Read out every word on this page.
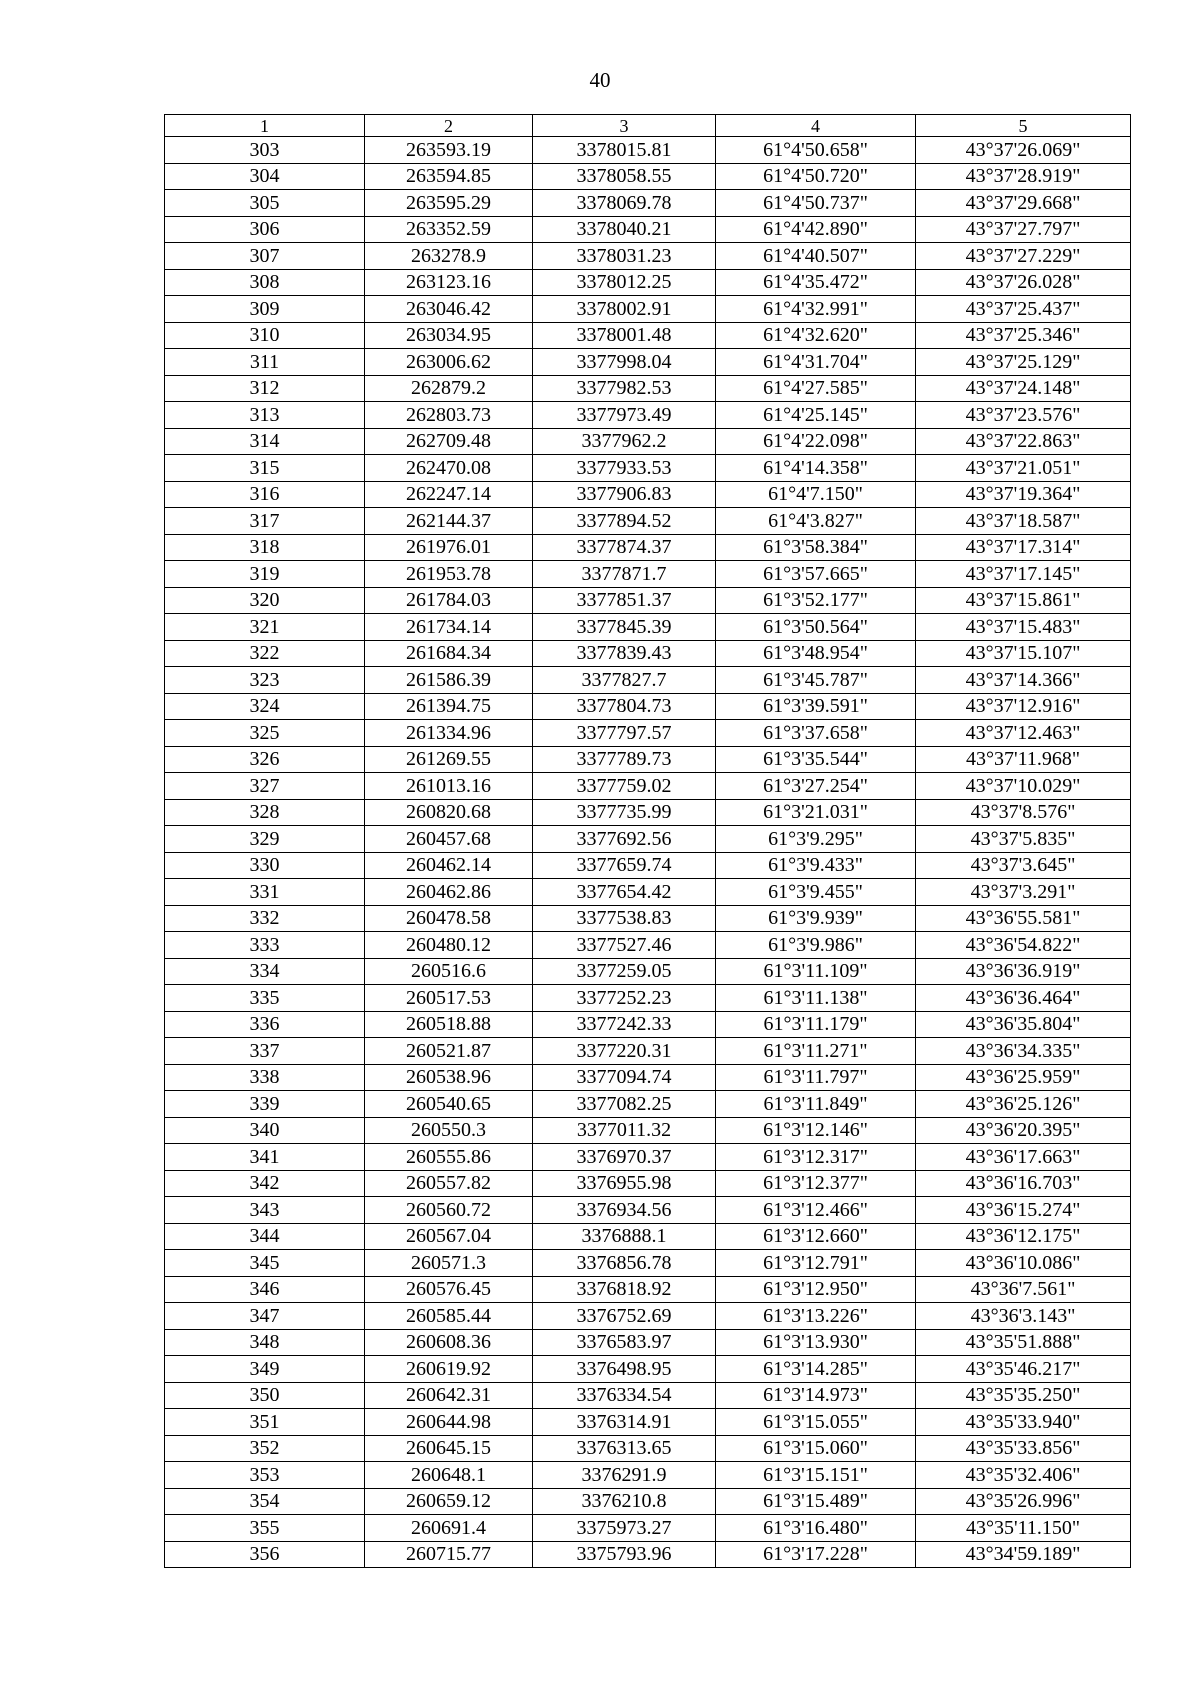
40
1	2	3	4	5
303	263593.19	3378015.81	61°4'50.658"	43°37'26.069"
304	263594.85	3378058.55	61°4'50.720"	43°37'28.919"
305	263595.29	3378069.78	61°4'50.737"	43°37'29.668"
306	263352.59	3378040.21	61°4'42.890"	43°37'27.797"
307	263278.9	3378031.23	61°4'40.507"	43°37'27.229"
308	263123.16	3378012.25	61°4'35.472"	43°37'26.028"
309	263046.42	3378002.91	61°4'32.991"	43°37'25.437"
310	263034.95	3378001.48	61°4'32.620"	43°37'25.346"
311	263006.62	3377998.04	61°4'31.704"	43°37'25.129"
312	262879.2	3377982.53	61°4'27.585"	43°37'24.148"
313	262803.73	3377973.49	61°4'25.145"	43°37'23.576"
314	262709.48	3377962.2	61°4'22.098"	43°37'22.863"
315	262470.08	3377933.53	61°4'14.358"	43°37'21.051"
316	262247.14	3377906.83	61°4'7.150"	43°37'19.364"
317	262144.37	3377894.52	61°4'3.827"	43°37'18.587"
318	261976.01	3377874.37	61°3'58.384"	43°37'17.314"
319	261953.78	3377871.7	61°3'57.665"	43°37'17.145"
320	261784.03	3377851.37	61°3'52.177"	43°37'15.861"
321	261734.14	3377845.39	61°3'50.564"	43°37'15.483"
322	261684.34	3377839.43	61°3'48.954"	43°37'15.107"
323	261586.39	3377827.7	61°3'45.787"	43°37'14.366"
324	261394.75	3377804.73	61°3'39.591"	43°37'12.916"
325	261334.96	3377797.57	61°3'37.658"	43°37'12.463"
326	261269.55	3377789.73	61°3'35.544"	43°37'11.968"
327	261013.16	3377759.02	61°3'27.254"	43°37'10.029"
328	260820.68	3377735.99	61°3'21.031"	43°37'8.576"
329	260457.68	3377692.56	61°3'9.295"	43°37'5.835"
330	260462.14	3377659.74	61°3'9.433"	43°37'3.645"
331	260462.86	3377654.42	61°3'9.455"	43°37'3.291"
332	260478.58	3377538.83	61°3'9.939"	43°36'55.581"
333	260480.12	3377527.46	61°3'9.986"	43°36'54.822"
334	260516.6	3377259.05	61°3'11.109"	43°36'36.919"
335	260517.53	3377252.23	61°3'11.138"	43°36'36.464"
336	260518.88	3377242.33	61°3'11.179"	43°36'35.804"
337	260521.87	3377220.31	61°3'11.271"	43°36'34.335"
338	260538.96	3377094.74	61°3'11.797"	43°36'25.959"
339	260540.65	3377082.25	61°3'11.849"	43°36'25.126"
340	260550.3	3377011.32	61°3'12.146"	43°36'20.395"
341	260555.86	3376970.37	61°3'12.317"	43°36'17.663"
342	260557.82	3376955.98	61°3'12.377"	43°36'16.703"
343	260560.72	3376934.56	61°3'12.466"	43°36'15.274"
344	260567.04	3376888.1	61°3'12.660"	43°36'12.175"
345	260571.3	3376856.78	61°3'12.791"	43°36'10.086"
346	260576.45	3376818.92	61°3'12.950"	43°36'7.561"
347	260585.44	3376752.69	61°3'13.226"	43°36'3.143"
348	260608.36	3376583.97	61°3'13.930"	43°35'51.888"
349	260619.92	3376498.95	61°3'14.285"	43°35'46.217"
350	260642.31	3376334.54	61°3'14.973"	43°35'35.250"
351	260644.98	3376314.91	61°3'15.055"	43°35'33.940"
352	260645.15	3376313.65	61°3'15.060"	43°35'33.856"
353	260648.1	3376291.9	61°3'15.151"	43°35'32.406"
354	260659.12	3376210.8	61°3'15.489"	43°35'26.996"
355	260691.4	3375973.27	61°3'16.480"	43°35'11.150"
356	260715.77	3375793.96	61°3'17.228"	43°34'59.189"
